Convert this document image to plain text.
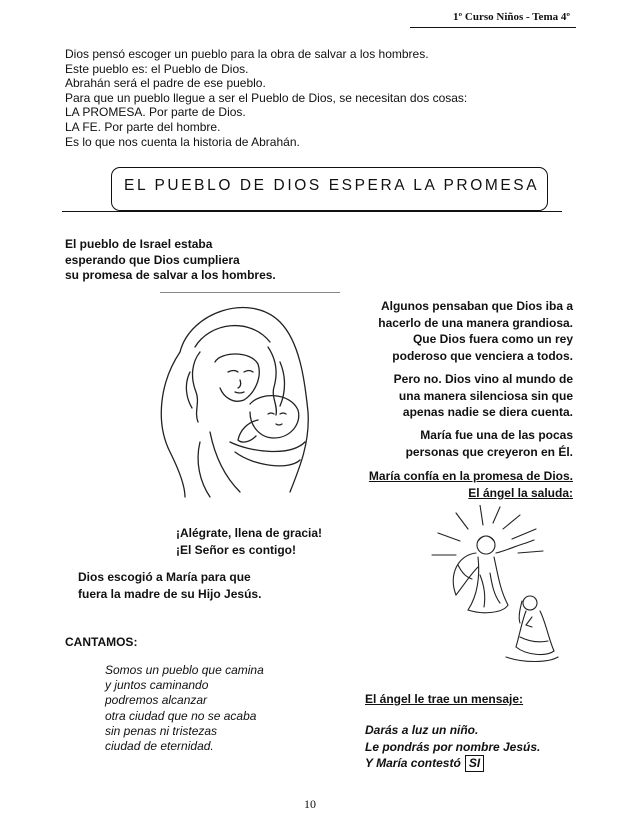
1º Curso Niños - Tema 4º
Dios pensó escoger un pueblo para la obra de salvar a los hombres.
Este pueblo es: el Pueblo de Dios.
Abrahán será el padre de ese pueblo.
Para que un pueblo llegue a ser el Pueblo de Dios, se necesitan dos cosas:
LA PROMESA. Por parte de Dios.
LA FE. Por parte del hombre.
Es lo que nos cuenta la historia de Abrahán.
EL PUEBLO DE DIOS ESPERA LA PROMESA
El pueblo de Israel estaba
esperando que Dios cumpliera
su promesa de salvar a los hombres.
Algunos pensaban que Dios iba a
hacerlo de una manera grandiosa.
Que Dios fuera como un rey
poderoso que venciera a todos.
Pero no. Dios vino al mundo de
una manera silenciosa sin que
apenas nadie se diera cuenta.
María fue una de las pocas
personas que creyeron en Él.
María confía en la promesa de Dios.
El ángel la saluda:
¡Alégrate, llena de gracia!
¡El Señor es contigo!
Dios escogió a María para que
fuera la madre de su Hijo Jesús.
CANTAMOS:
Somos un pueblo que camina
y juntos caminando
podremos alcanzar
otra ciudad que no se acaba
sin penas ni tristezas
ciudad de eternidad.
El ángel le trae un mensaje:
Darás a luz un niño.
Le pondrás por nombre Jesús.
Y María contestó SI
10
